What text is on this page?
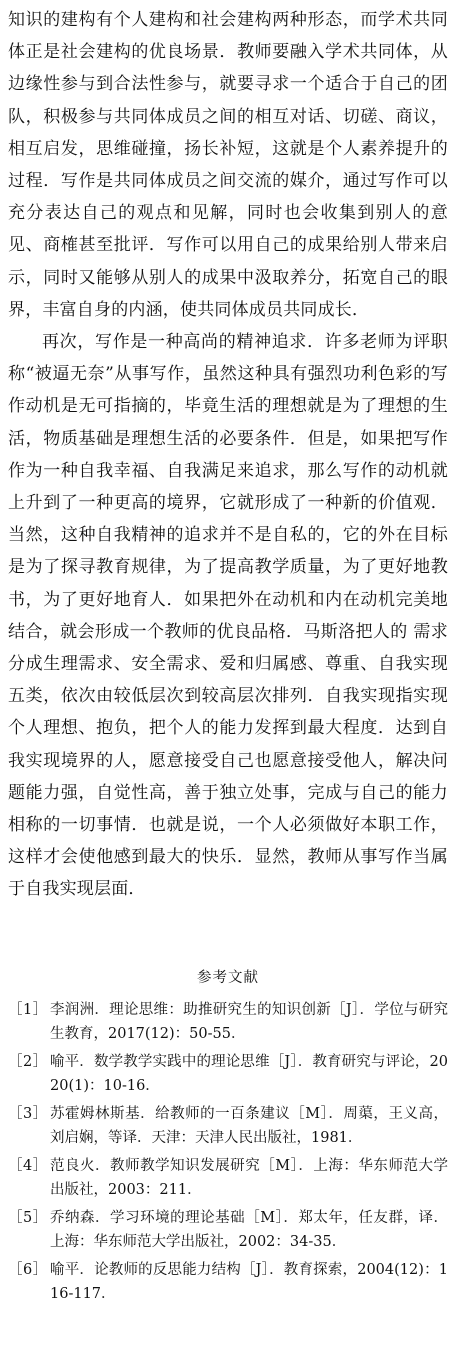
知识的建构有个人建构和社会建构两种形态，而学术共同体正是社会建构的优良场景．教师要融入学术共同体，从边缘性参与到合法性参与，就要寻求一个适合于自己的团队，积极参与共同体成员之间的相互对话、切磋、商议，相互启发，思维碰撞，扬长补短，这就是个人素养提升的过程．写作是共同体成员之间交流的媒介，通过写作可以充分表达自己的观点和见解，同时也会收集到别人的意见、商榷甚至批评．写作可以用自己的成果给别人带来启示，同时又能够从别人的成果中汲取养分，拓宽自己的眼界，丰富自身的内涵，使共同体成员共同成长．

再次，写作是一种高尚的精神追求．许多老师为评职称“被逼无奈”从事写作，虽然这种具有强烈功利色彩的写作动机是无可指摘的，毕竟生活的理想就是为了理想的生活，物质基础是理想生活的必要条件．但是，如果把写作作为一种自我幸福、自我满足来追求，那么写作的动机就上升到了一种更高的境界，它就形成了一种新的价值观．当然，这种自我精神的追求并不是自私的，它的外在目标是为了探寻教育规律，为了提高教学质量，为了更好地教书，为了更好地育人．如果把外在动机和内在动机完美地结合，就会形成一个教师的优良品格．马斯洛把人的 需求分成生理需求、安全需求、爱和归属感、尊重、自我实现五类，依次由较低层次到较高层次排列．自我实现指实现个人理想、抱负，把个人的能力发挥到最大程度．达到自我实现境界的人，愿意接受自己也愿意接受他人，解决问题能力强，自觉性高，善于独立处事，完成与自己的能力相称的一切事情．也就是说，一个人必须做好本职工作，这样才会使他感到最大的快乐．显然，教师从事写作当属于自我实现层面．

参考文献
［1］ 李润洲．理论思维：助推研究生的知识创新［J］．学位与研究生教育，2017(12)：50-55．
［2］ 喻平．数学教学实践中的理论思维［J］．教育研究与评论，2020(1)：10-16．
［3］ 苏霍姆林斯基．给教师的一百条建议［M］．周蕖，王义高，刘启娴，等译．天津：天津人民出版社，1981．
［4］ 范良火．教师教学知识发展研究［M］．上海：华东师范大学出版社，2003：211．
［5］ 乔纳森．学习环境的理论基础［M］．郑太年，任友群，译．上海：华东师范大学出版社，2002：34-35．
［6］ 喻平．论教师的反思能力结构［J］．教育探索，2004(12)：116-117．
